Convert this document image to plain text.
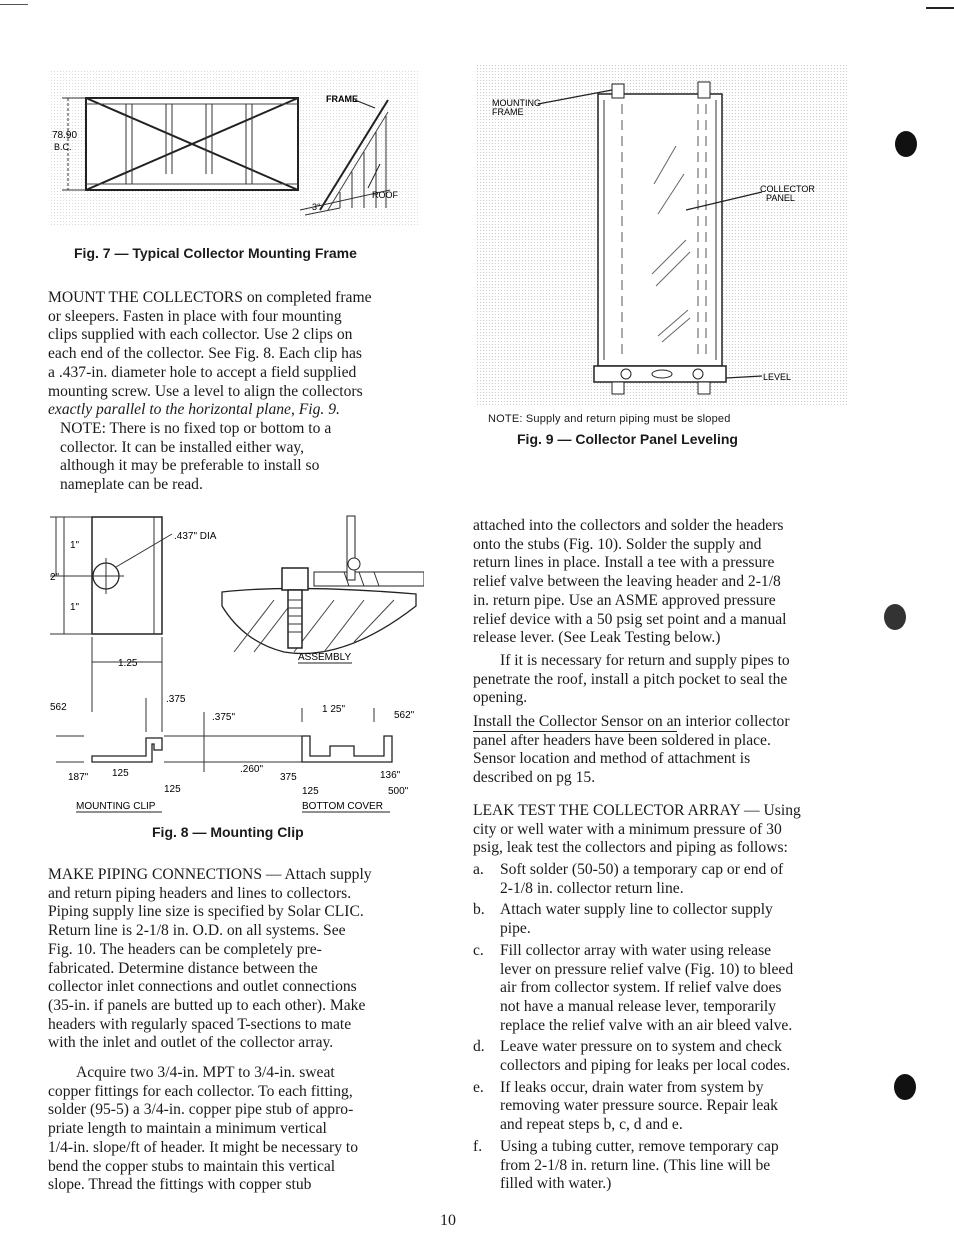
78.90
B.C.
FRAME
ROOF
3°
Fig. 7 — Typical Collector Mounting Frame

MOUNT THE COLLECTORS on completed frame

or sleepers. Fasten in place with four mounting

clips supplied with each collector. Use 2 clips on

each end of the collector. See Fig. 8. Each clip has

a .437-in. diameter hole to accept a field supplied

mounting screw. Use a level to align the collectors

exactly parallel to the horizontal plane, Fig. 9.

NOTE: There is no fixed top or bottom to a

collector. It can be installed either way,

although it may be preferable to install so

nameplate can be read.

.437" DIA
1"
2"
1"
1.25
ASSEMBLY
562
.375
.375"
187" 125
125
.260"
1 25"
562"
375	136"
125	500"
MOUNTING CLIP	BOTTOM COVER
Fig. 8 — Mounting Clip

MAKE PIPING CONNECTIONS — Attach supply

and return piping headers and lines to collectors.

Piping supply line size is specified by Solar CLIC.

Return line is 2-1/8 in. O.D. on all systems. See

Fig. 10. The headers can be completely pre-

fabricated. Determine distance between the

collector inlet connections and outlet connections

(35-in. if panels are butted up to each other). Make

headers with regularly spaced T-sections to mate

with the inlet and outlet of the collector array.

Acquire two 3/4-in. MPT to 3/4-in. sweat

copper fittings for each collector. To each fitting,

solder (95-5) a 3/4-in. copper pipe stub of appro-

priate length to maintain a minimum vertical

1/4-in. slope/ft of header. It might be necessary to

bend the copper stubs to maintain this vertical

slope. Thread the fittings with copper stub

MOUNTING
FRAME
COLLECTOR
PANEL
LEVEL
NOTE: Supply and return piping must be sloped
Fig. 9 — Collector Panel Leveling

attached into the collectors and solder the headers

onto the stubs (Fig. 10). Solder the supply and

return lines in place. Install a tee with a pressure

relief valve between the leaving header and 2-1/8

in. return pipe. Use an ASME approved pressure

relief device with a 50 psig set point and a manual

release lever. (See Leak Testing below.)

If it is necessary for return and supply pipes to

penetrate the roof, install a pitch pocket to seal the

opening.

Install the Collector Sensor on an interior collector

panel after headers have been soldered in place.

Sensor location and method of attachment is

described on pg 15.

LEAK TEST THE COLLECTOR ARRAY — Using

city or well water with a minimum pressure of 30

psig, leak test the collectors and piping as follows:

a.	Soft solder (50-50) a temporary cap or end of

2-1/8 in. collector return line.

b. Attach water supply line to collector supply

pipe.

c.	Fill collector array with water using release

lever on pressure relief valve (Fig. 10) to bleed

air from collector system. If relief valve does

not have a manual release lever, temporarily

replace the relief valve with an air bleed valve.

d. Leave water pressure on to system and check

collectors and piping for leaks per local codes.

e.	If leaks occur, drain water from system by

removing water pressure source. Repair leak

and repeat steps b, c, d and e.

f.	Using a tubing cutter, remove temporary cap

from 2-1/8 in. return line. (This line will be

filled with water.)

10
